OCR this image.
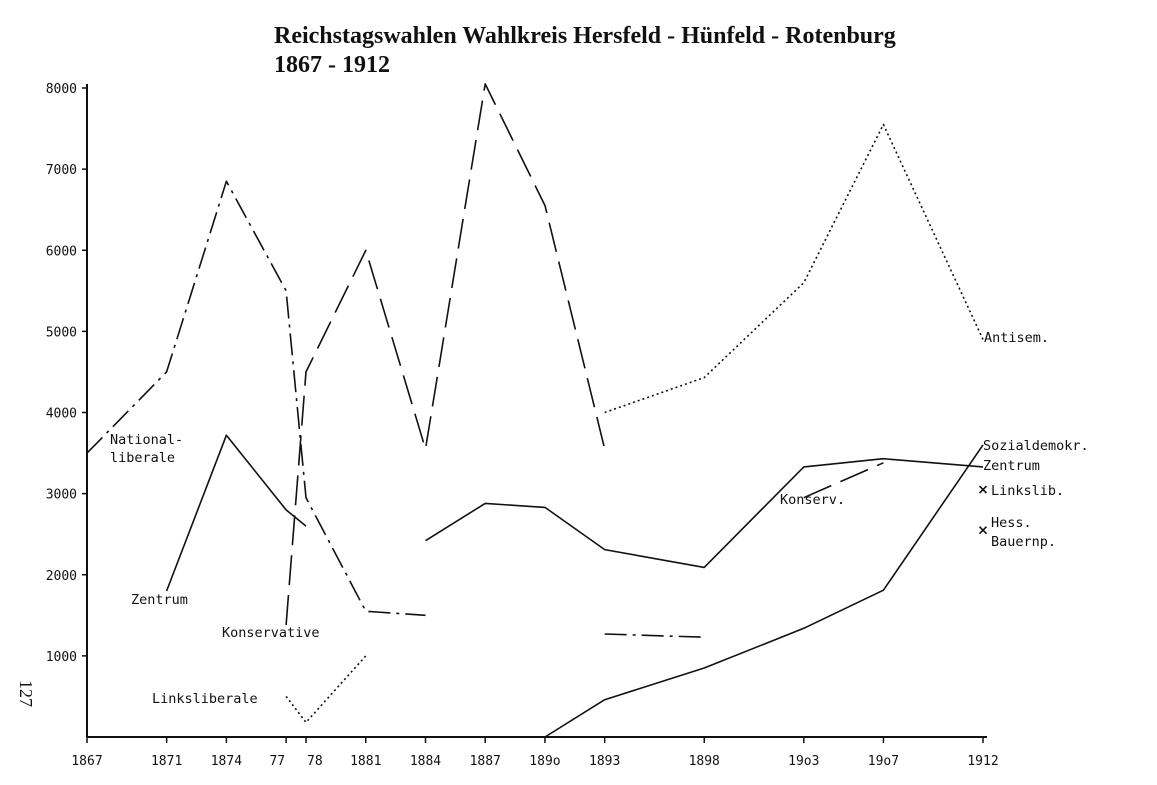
Reichstagswahlen Wahlkreis Hersfeld - Hünfeld - Rotenburg
1867 - 1912
127
1000
2000
3000
4000
5000
6000
7000
8000
1867	1871 1874 77 78 1881 1884 1887 189o 1893	1898	19o3	19o7	1912
National-
liberale
Zentrum
Konservative
Linksliberale
Antisem.
Sozialdemokr.
Zentrum
Linkslib.
Hess.
Bauernp.
Konserv.
